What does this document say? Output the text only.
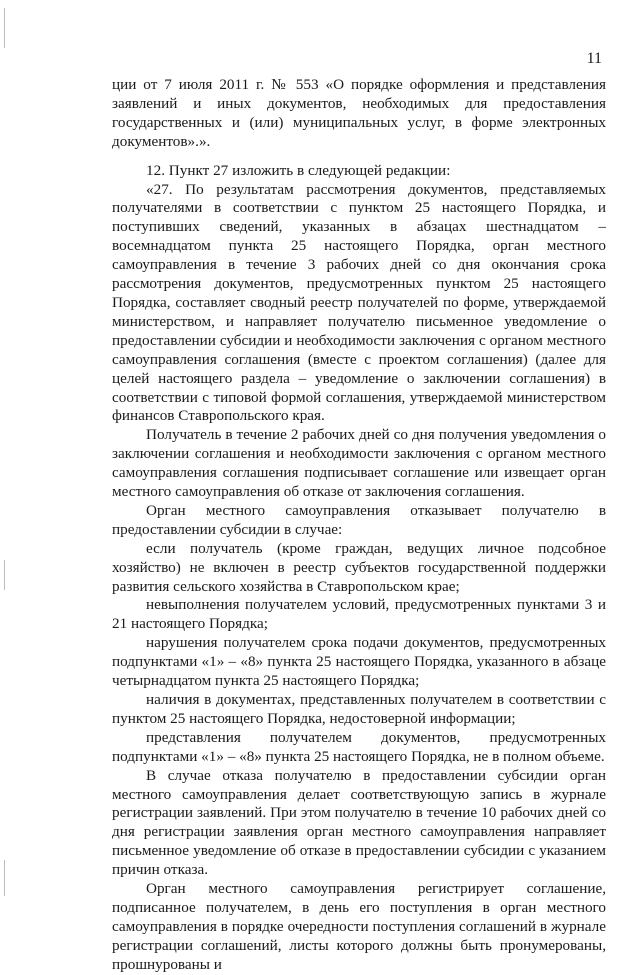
11

ции от 7 июля 2011 г. № 553 «О порядке оформления и представления заявлений и иных документов, необходимых для предоставления государственных и (или) муниципальных услуг, в форме электронных документов».».

12. Пункт 27 изложить в следующей редакции:

«27. По результатам рассмотрения документов, представляемых получателями в соответствии с пунктом 25 настоящего Порядка, и поступивших сведений, указанных в абзацах шестнадцатом – восемнадцатом пункта 25 настоящего Порядка, орган местного самоуправления в течение 3 рабочих дней со дня окончания срока рассмотрения документов, предусмотренных пунктом 25 настоящего Порядка, составляет сводный реестр получателей по форме, утверждаемой министерством, и направляет получателю письменное уведомление о предоставлении субсидии и необходимости заключения с органом местного самоуправления соглашения (вместе с проектом соглашения) (далее для целей настоящего раздела – уведомление о заключении соглашения) в соответствии с типовой формой соглашения, утверждаемой министерством финансов Ставропольского края.

Получатель в течение 2 рабочих дней со дня получения уведомления о заключении соглашения и необходимости заключения с органом местного самоуправления соглашения подписывает соглашение или извещает орган местного самоуправления об отказе от заключения соглашения.

Орган местного самоуправления отказывает получателю в предоставлении субсидии в случае:

если получатель (кроме граждан, ведущих личное подсобное хозяйство) не включен в реестр субъектов государственной поддержки развития сельского хозяйства в Ставропольском крае;

невыполнения получателем условий, предусмотренных пунктами 3 и 21 настоящего Порядка;

нарушения получателем срока подачи документов, предусмотренных подпунктами «1» – «8» пункта 25 настоящего Порядка, указанного в абзаце четырнадцатом пункта 25 настоящего Порядка;

наличия в документах, представленных получателем в соответствии с пунктом 25 настоящего Порядка, недостоверной информации;

представления получателем документов, предусмотренных подпунктами «1» – «8» пункта 25 настоящего Порядка, не в полном объеме.

В случае отказа получателю в предоставлении субсидии орган местного самоуправления делает соответствующую запись в журнале регистрации заявлений. При этом получателю в течение 10 рабочих дней со дня регистрации заявления орган местного самоуправления направляет письменное уведомление об отказе в предоставлении субсидии с указанием причин отказа.

Орган местного самоуправления регистрирует соглашение, подписанное получателем, в день его поступления в орган местного самоуправления в порядке очередности поступления соглашений в журнале регистрации соглашений, листы которого должны быть пронумерованы, прошнурованы и
